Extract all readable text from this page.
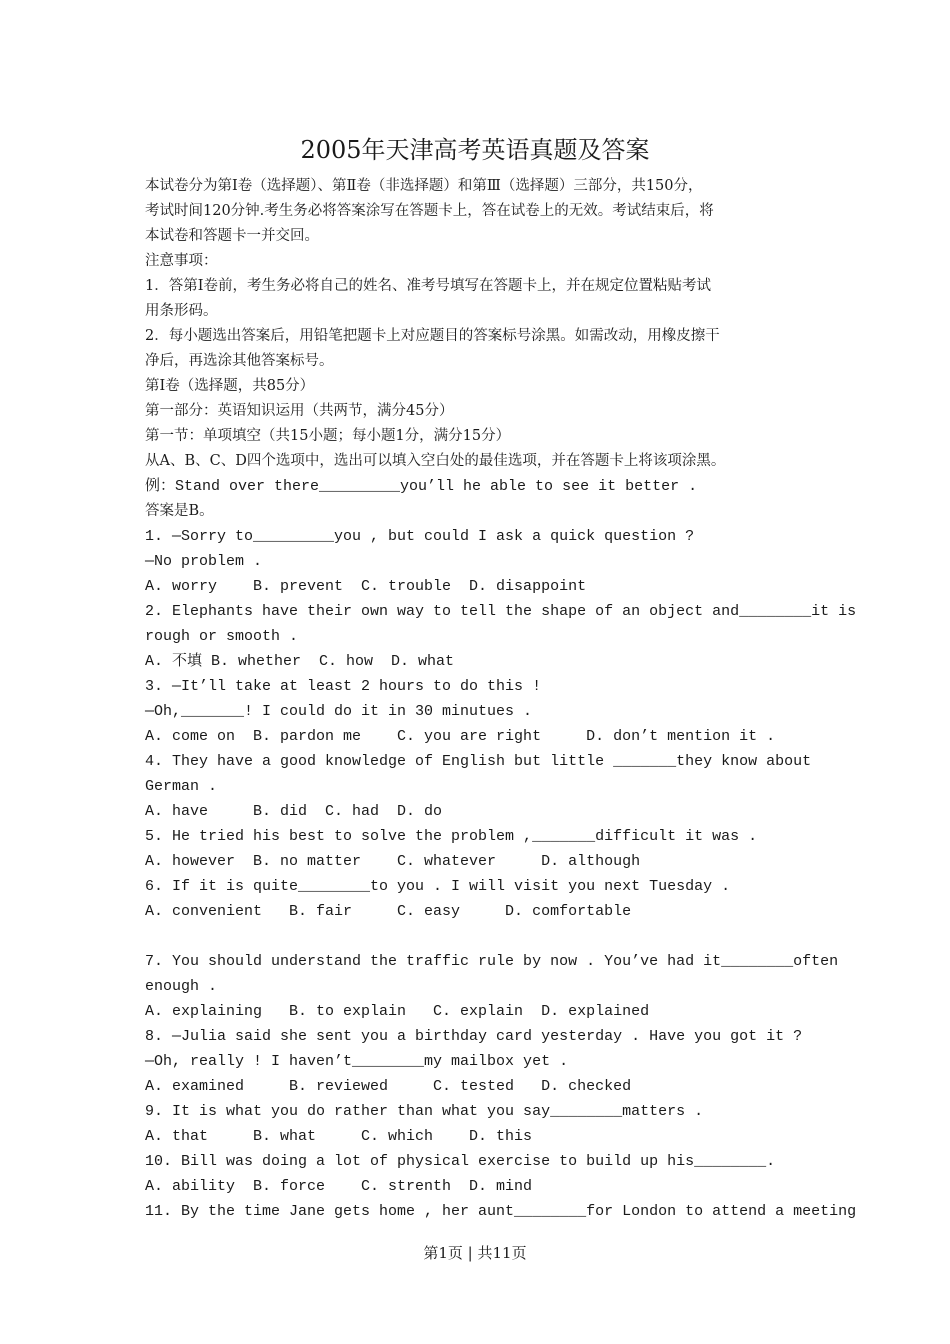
2005年天津高考英语真题及答案
本试卷分为第Ⅰ卷（选择题）、第Ⅱ卷（非选择题）和第Ⅲ（选择题）三部分，共150分，
考试时间120分钟.考生务必将答案涂写在答题卡上，答在试卷上的无效。考试结束后，将
本试卷和答题卡一并交回。
注意事项：
1．答第Ⅰ卷前，考生务必将自己的姓名、准考号填写在答题卡上，并在规定位置粘贴考试
用条形码。
2．每小题选出答案后，用铅笔把题卡上对应题目的答案标号涂黑。如需改动，用橡皮擦干
净后，再选涂其他答案标号。
第Ⅰ卷（选择题，共85分）
第一部分：英语知识运用（共两节，满分45分）
第一节：单项填空（共15小题；每小题1分，满分15分）
从A、B、C、D四个选项中，选出可以填入空白处的最佳选项，并在答题卡上将该项涂黑。
例：Stand over there_________you’ll he able to see it better .
答案是B。
1. —Sorry to_________you , but could I ask a quick question ?
—No problem .
A. worry    B. prevent  C. trouble  D. disappoint
2. Elephants have their own way to tell the shape of an object and________it is
rough or smooth .
A. 不填 B. whether  C. how  D. what
3. —It’ll take at least 2 hours to do this !
—Oh,_______! I could do it in 30 minutues .
A. come on  B. pardon me    C. you are right     D. don’t mention it .
4. They have a good knowledge of English but little _______they know about
German .
A. have     B. did  C. had  D. do
5. He tried his best to solve the problem ,_______difficult it was .
A. however  B. no matter    C. whatever     D. although
6. If it is quite________to you . I will visit you next Tuesday .
A. convenient   B. fair     C. easy     D. comfortable
7. You should understand the traffic rule by now . You’ve had it________often
enough .
A. explaining   B. to explain   C. explain  D. explained
8. —Julia said she sent you a birthday card yesterday . Have you got it ?
—Oh, really ! I haven’t________my mailbox yet .
A. examined     B. reviewed     C. tested   D. checked
9. It is what you do rather than what you say________matters .
A. that     B. what     C. which    D. this
10. Bill was doing a lot of physical exercise to build up his________.
A. ability  B. force    C. strenth  D. mind
11. By the time Jane gets home , her aunt________for London to attend a meeting
第1页 | 共11页
